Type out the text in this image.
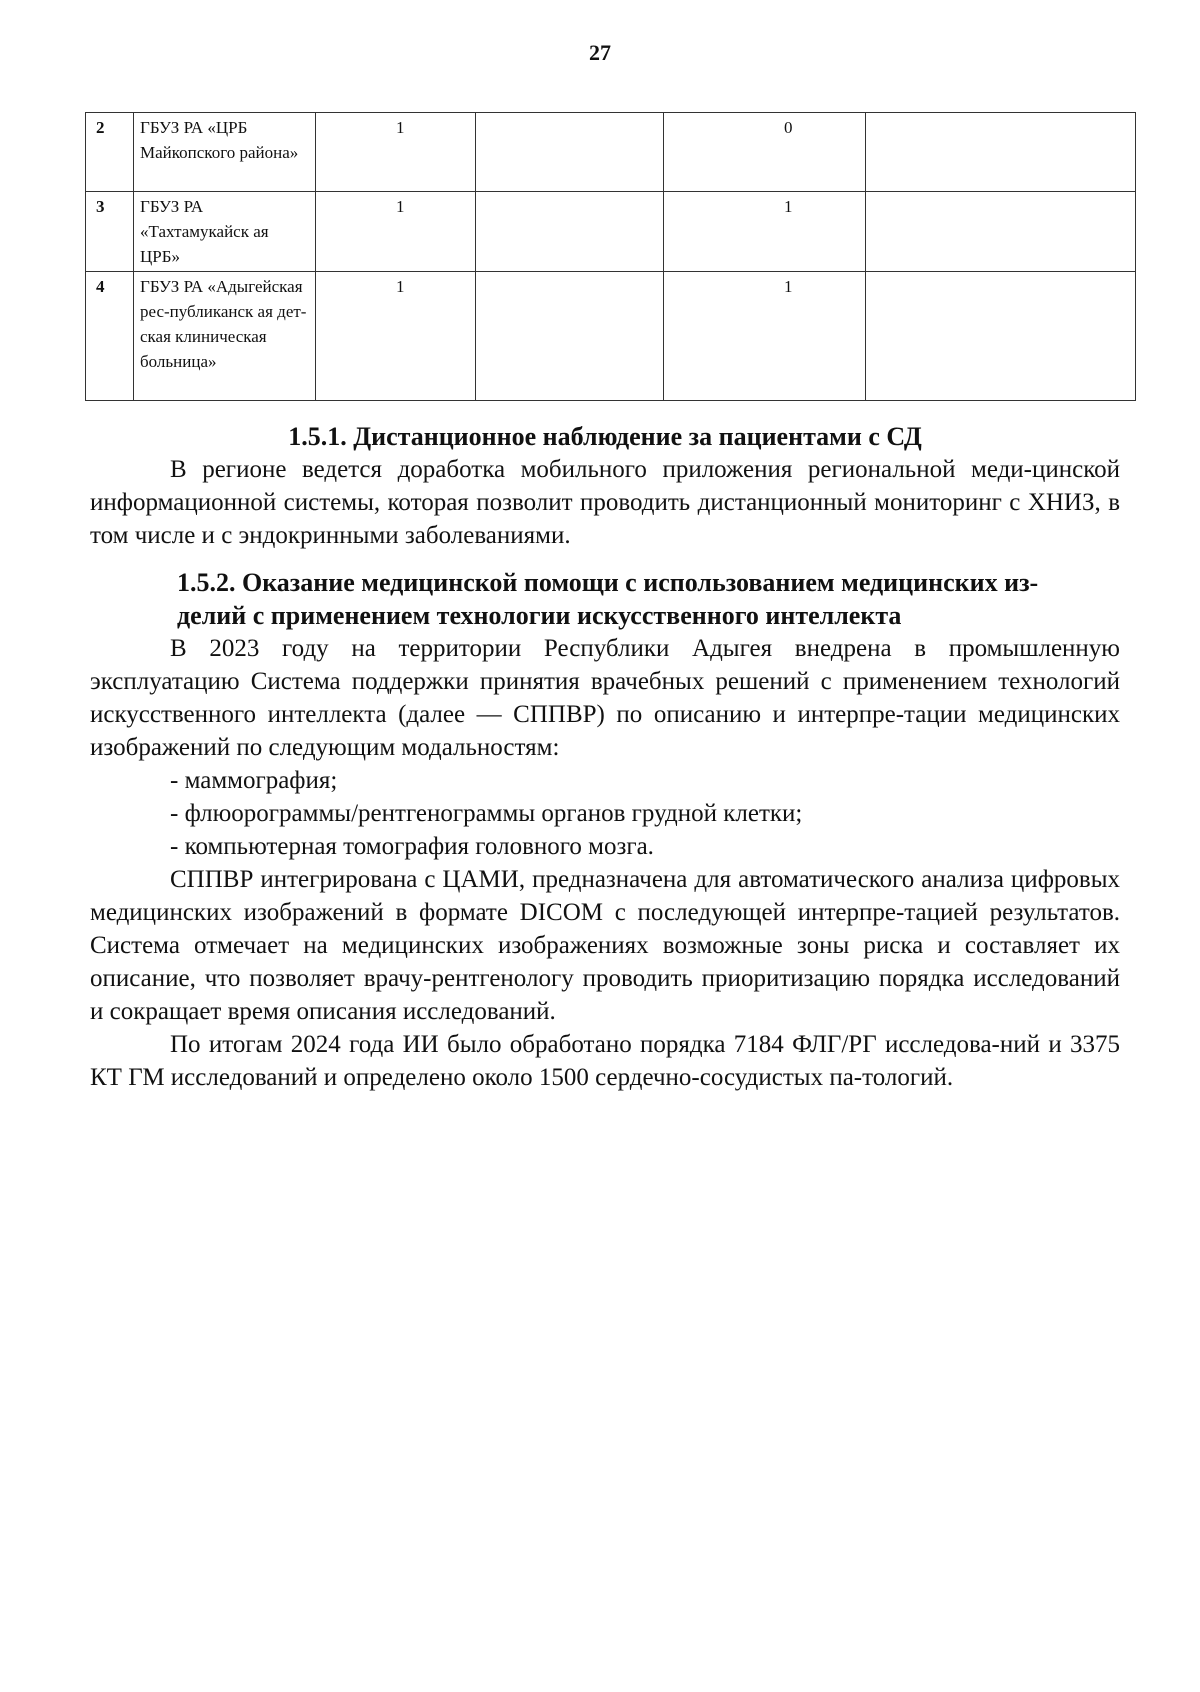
27
2	ГБУЗ РА «ЦРБ Майкопского района»	1		0	
3	ГБУЗ РА «Тахтамукайск ая ЦРБ»	1		1	
4	ГБУЗ РА «Адыгейская рес-публиканск ая дет-ская клиническая больница»	1		1	
1.5.1. Дистанционное наблюдение за пациентами с СД

В регионе ведется доработка мобильного приложения региональной меди-цинской информационной системы, которая позволит проводить дистанционный мониторинг с ХНИЗ, в том числе и с эндокринными заболеваниями.

1.5.2. Оказание медицинской помощи с использованием медицинских из-
делий с применением технологии искусственного интеллекта

В 2023 году на территории Республики Адыгея внедрена в промышленную эксплуатацию Система поддержки принятия врачебных решений с применением технологий искусственного интеллекта (далее — СППВР) по описанию и интерпре-тации медицинских изображений по следующим модальностям:

- маммография;

- флюорограммы/рентгенограммы органов грудной клетки;

- компьютерная томография головного мозга.

СППВР интегрирована с ЦАМИ, предназначена для автоматического анализа цифровых медицинских изображений в формате DICOM с последующей интерпре-тацией результатов. Система отмечает на медицинских изображениях возможные зоны риска и составляет их описание, что позволяет врачу-рентгенологу проводить приоритизацию порядка исследований и сокращает время описания исследований.

По итогам 2024 года ИИ было обработано порядка 7184 ФЛГ/РГ исследова-ний и 3375 КТ ГМ исследований и определено около 1500 сердечно-сосудистых па-тологий.
